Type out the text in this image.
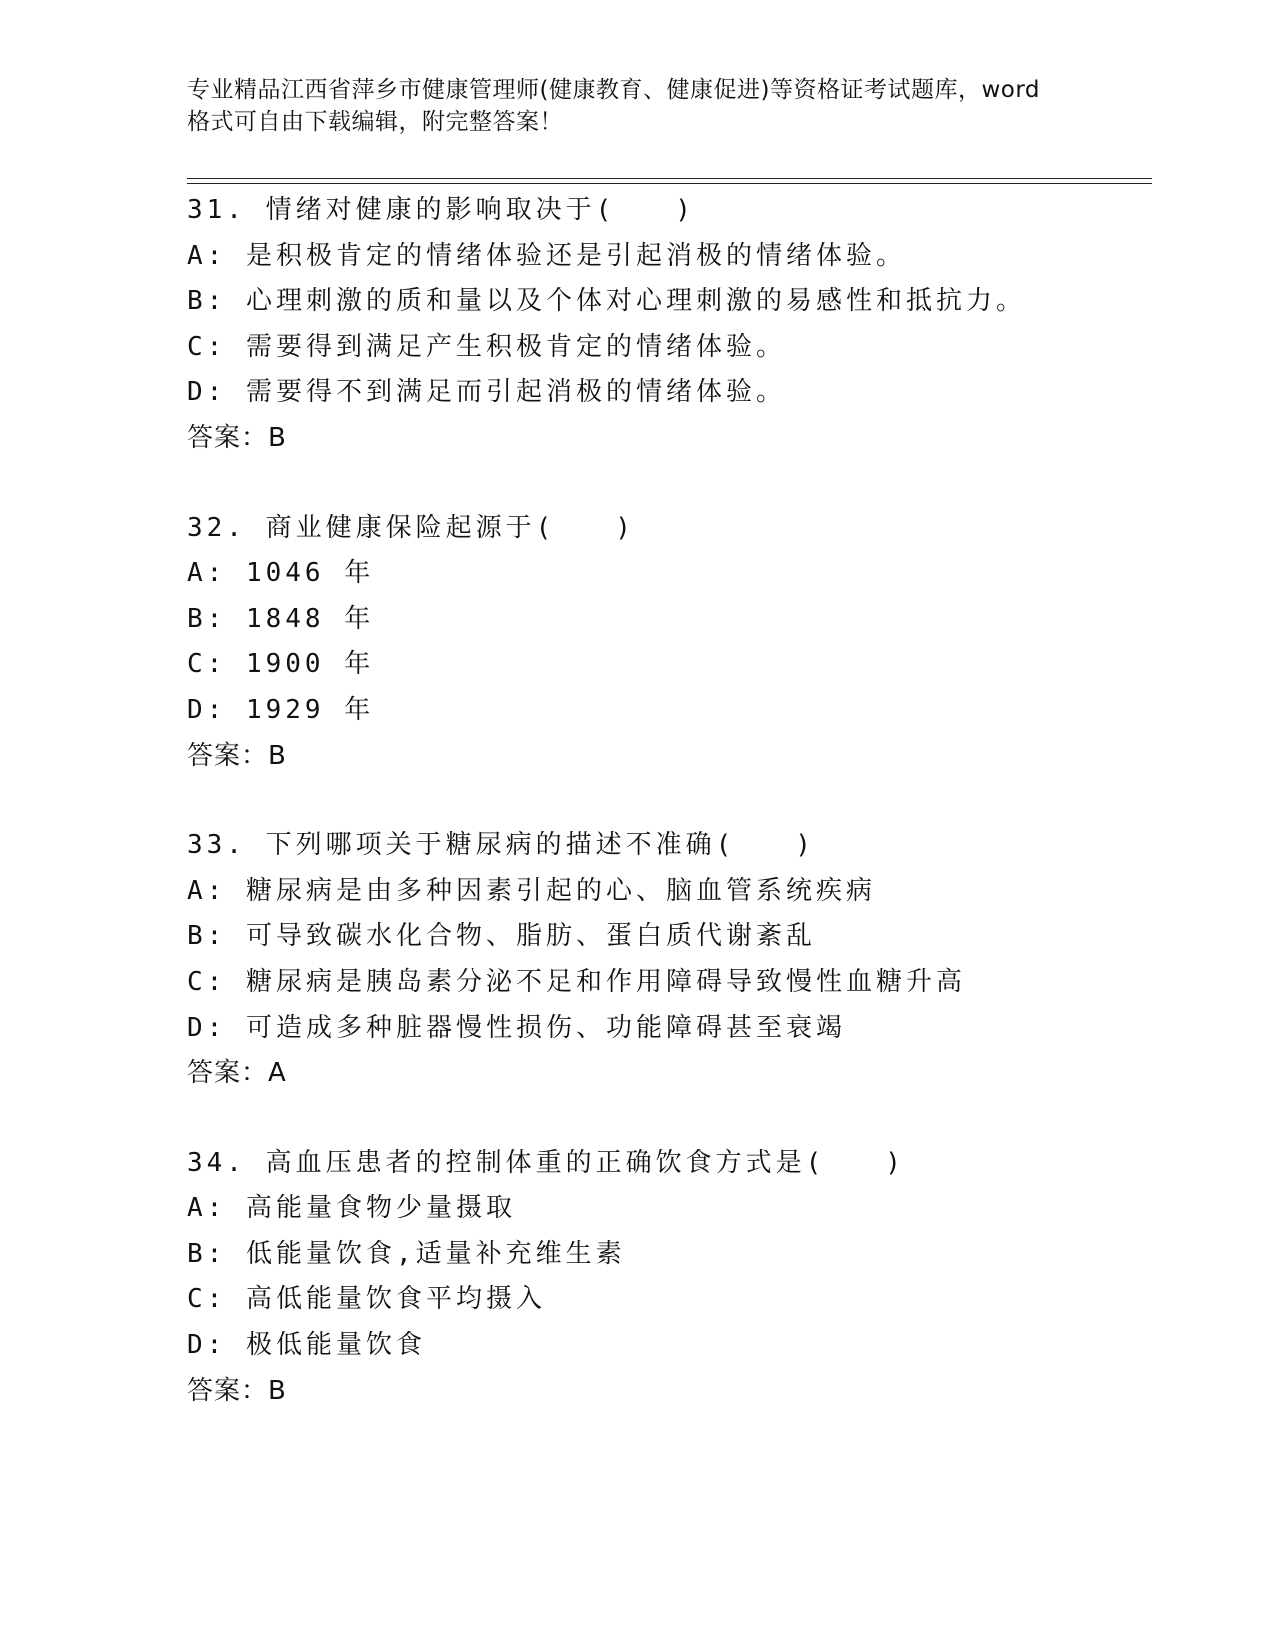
专业精品江西省萍乡市健康管理师(健康教育、健康促进)等资格证考试题库，word
格式可自由下载编辑，附完整答案！
31. 情绪对健康的影响取决于(　　)
A: 是积极肯定的情绪体验还是引起消极的情绪体验。
B: 心理刺激的质和量以及个体对心理刺激的易感性和抵抗力。
C: 需要得到满足产生积极肯定的情绪体验。
D: 需要得不到满足而引起消极的情绪体验。
答案：B
32. 商业健康保险起源于(　　)
A: 1046 年
B: 1848 年
C: 1900 年
D: 1929 年
答案：B
33. 下列哪项关于糖尿病的描述不准确(　　)
A: 糖尿病是由多种因素引起的心、脑血管系统疾病
B: 可导致碳水化合物、脂肪、蛋白质代谢紊乱
C: 糖尿病是胰岛素分泌不足和作用障碍导致慢性血糖升高
D: 可造成多种脏器慢性损伤、功能障碍甚至衰竭
答案：A
34. 高血压患者的控制体重的正确饮食方式是(　　)
A: 高能量食物少量摄取
B: 低能量饮食,适量补充维生素
C: 高低能量饮食平均摄入
D: 极低能量饮食
答案：B
